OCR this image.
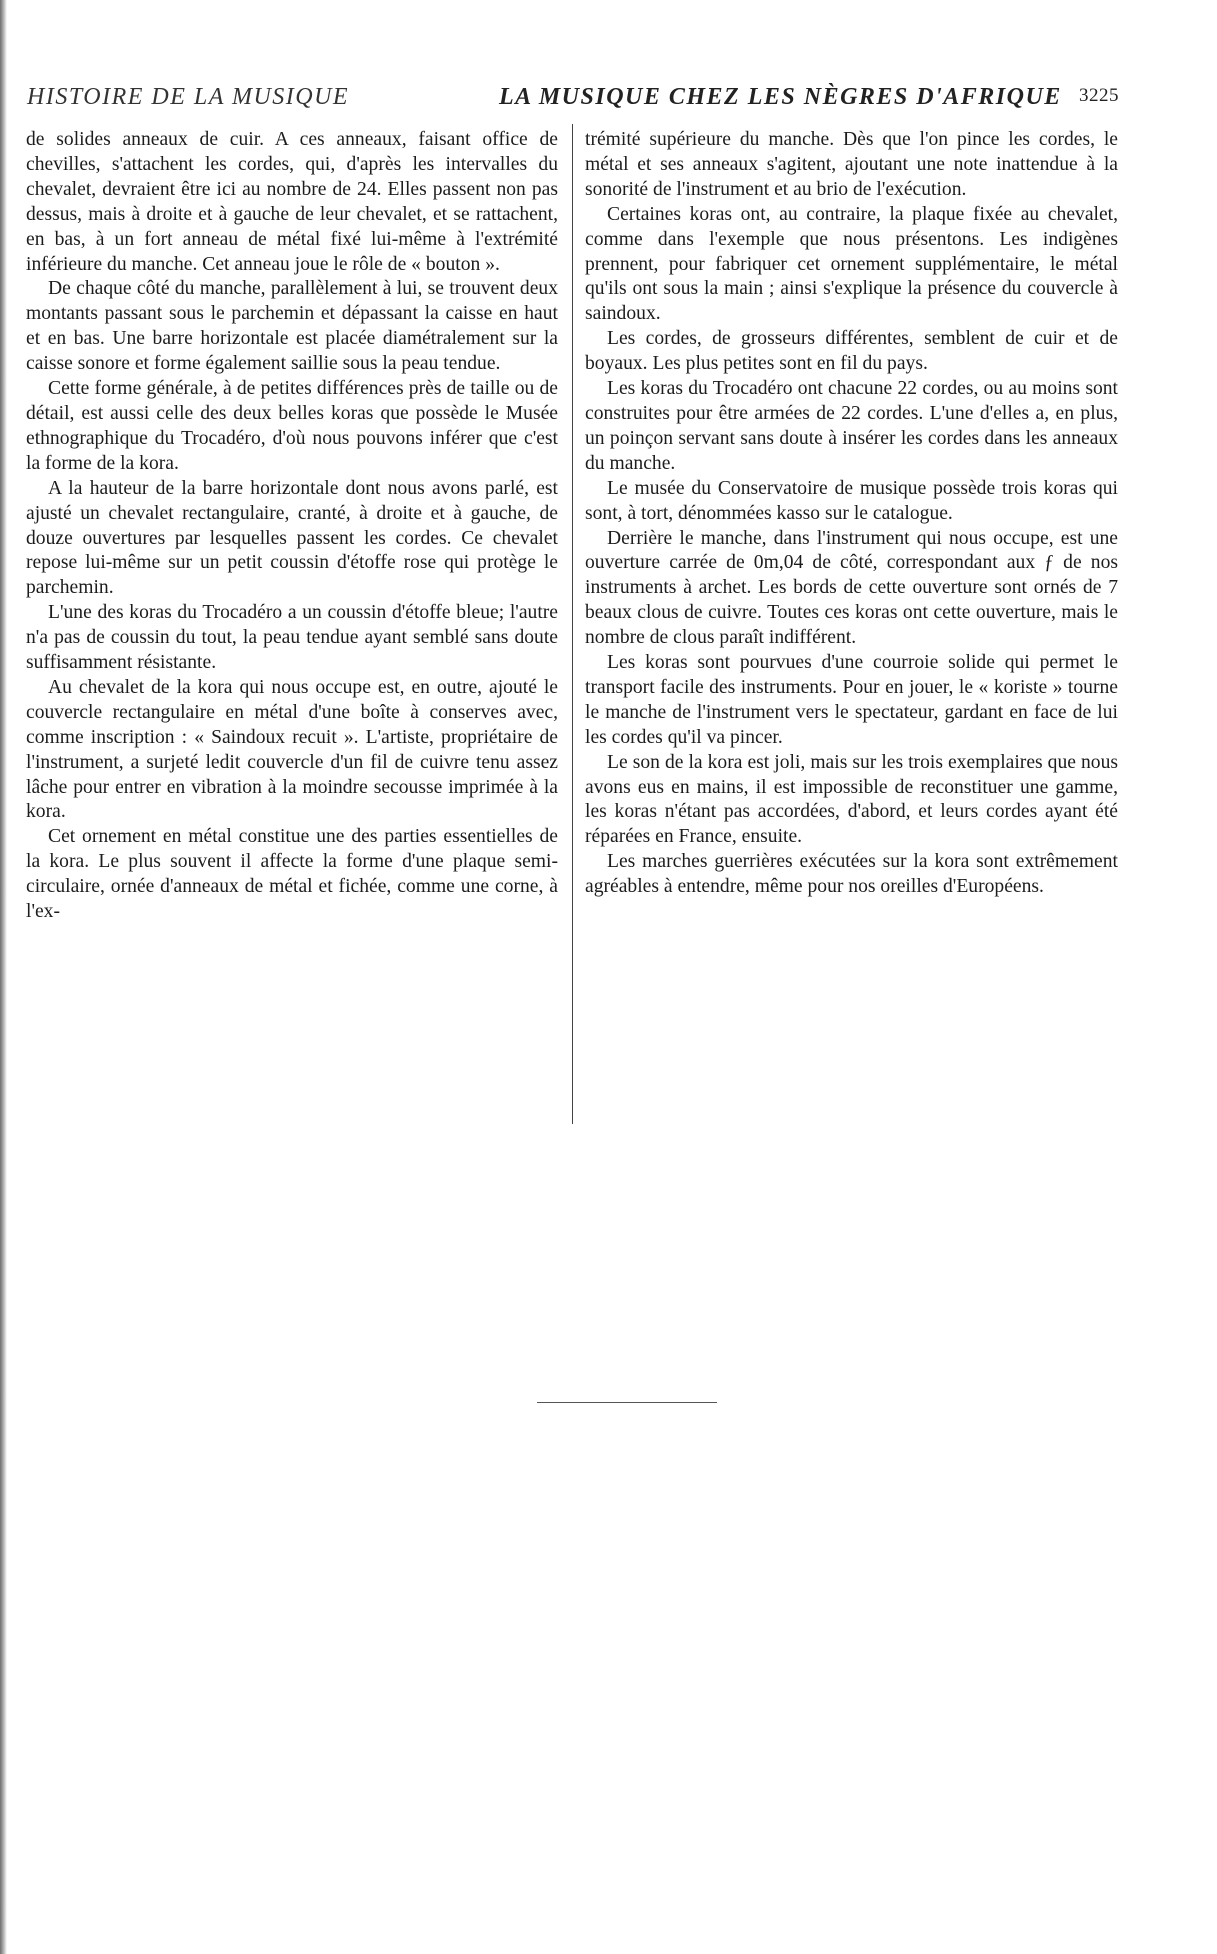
HISTOIRE DE LA MUSIQUE	LA MUSIQUE CHEZ LES NÈGRES D'AFRIQUE 3225

de solides anneaux de cuir. A ces anneaux, faisant office de chevilles, s'attachent les cordes, qui, d'après les intervalles du chevalet, devraient être ici au nombre de 24. Elles passent non pas dessus, mais à droite et à gauche de leur chevalet, et se rattachent, en bas, à un fort anneau de métal fixé lui-même à l'extrémité inférieure du manche. Cet anneau joue le rôle de « bouton ».

De chaque côté du manche, parallèlement à lui, se trouvent deux montants passant sous le parchemin et dépassant la caisse en haut et en bas. Une barre horizontale est placée diamétralement sur la caisse sonore et forme également saillie sous la peau tendue.

Cette forme générale, à de petites différences près de taille ou de détail, est aussi celle des deux belles koras que possède le Musée ethnographique du Trocadéro, d'où nous pouvons inférer que c'est la forme de la kora.

A la hauteur de la barre horizontale dont nous avons parlé, est ajusté un chevalet rectangulaire, cranté, à droite et à gauche, de douze ouvertures par lesquelles passent les cordes. Ce chevalet repose lui-même sur un petit coussin d'étoffe rose qui protège le parchemin.

L'une des koras du Trocadéro a un coussin d'étoffe bleue; l'autre n'a pas de coussin du tout, la peau tendue ayant semblé sans doute suffisamment résistante.

Au chevalet de la kora qui nous occupe est, en outre, ajouté le couvercle rectangulaire en métal d'une boîte à conserves avec, comme inscription : « Saindoux recuit ». L'artiste, propriétaire de l'instrument, a surjeté ledit couvercle d'un fil de cuivre tenu assez lâche pour entrer en vibration à la moindre secousse imprimée à la kora.

Cet ornement en métal constitue une des parties essentielles de la kora. Le plus souvent il affecte la forme d'une plaque semi-circulaire, ornée d'anneaux de métal et fichée, comme une corne, à l'ex-

trémité supérieure du manche. Dès que l'on pince les cordes, le métal et ses anneaux s'agitent, ajoutant une note inattendue à la sonorité de l'instrument et au brio de l'exécution.

Certaines koras ont, au contraire, la plaque fixée au chevalet, comme dans l'exemple que nous présentons. Les indigènes prennent, pour fabriquer cet ornement supplémentaire, le métal qu'ils ont sous la main ; ainsi s'explique la présence du couvercle à saindoux.

Les cordes, de grosseurs différentes, semblent de cuir et de boyaux. Les plus petites sont en fil du pays.

Les koras du Trocadéro ont chacune 22 cordes, ou au moins sont construites pour être armées de 22 cordes. L'une d'elles a, en plus, un poinçon servant sans doute à insérer les cordes dans les anneaux du manche.

Le musée du Conservatoire de musique possède trois koras qui sont, à tort, dénommées kasso sur le catalogue.

Derrière le manche, dans l'instrument qui nous occupe, est une ouverture carrée de 0m,04 de côté, correspondant aux ƒ de nos instruments à archet. Les bords de cette ouverture sont ornés de 7 beaux clous de cuivre. Toutes ces koras ont cette ouverture, mais le nombre de clous paraît indifférent.

Les koras sont pourvues d'une courroie solide qui permet le transport facile des instruments. Pour en jouer, le « koriste » tourne le manche de l'instrument vers le spectateur, gardant en face de lui les cordes qu'il va pincer.

Le son de la kora est joli, mais sur les trois exemplaires que nous avons eus en mains, il est impossible de reconstituer une gamme, les koras n'étant pas accordées, d'abord, et leurs cordes ayant été réparées en France, ensuite.

Les marches guerrières exécutées sur la kora sont extrêmement agréables à entendre, même pour nos oreilles d'Européens.
